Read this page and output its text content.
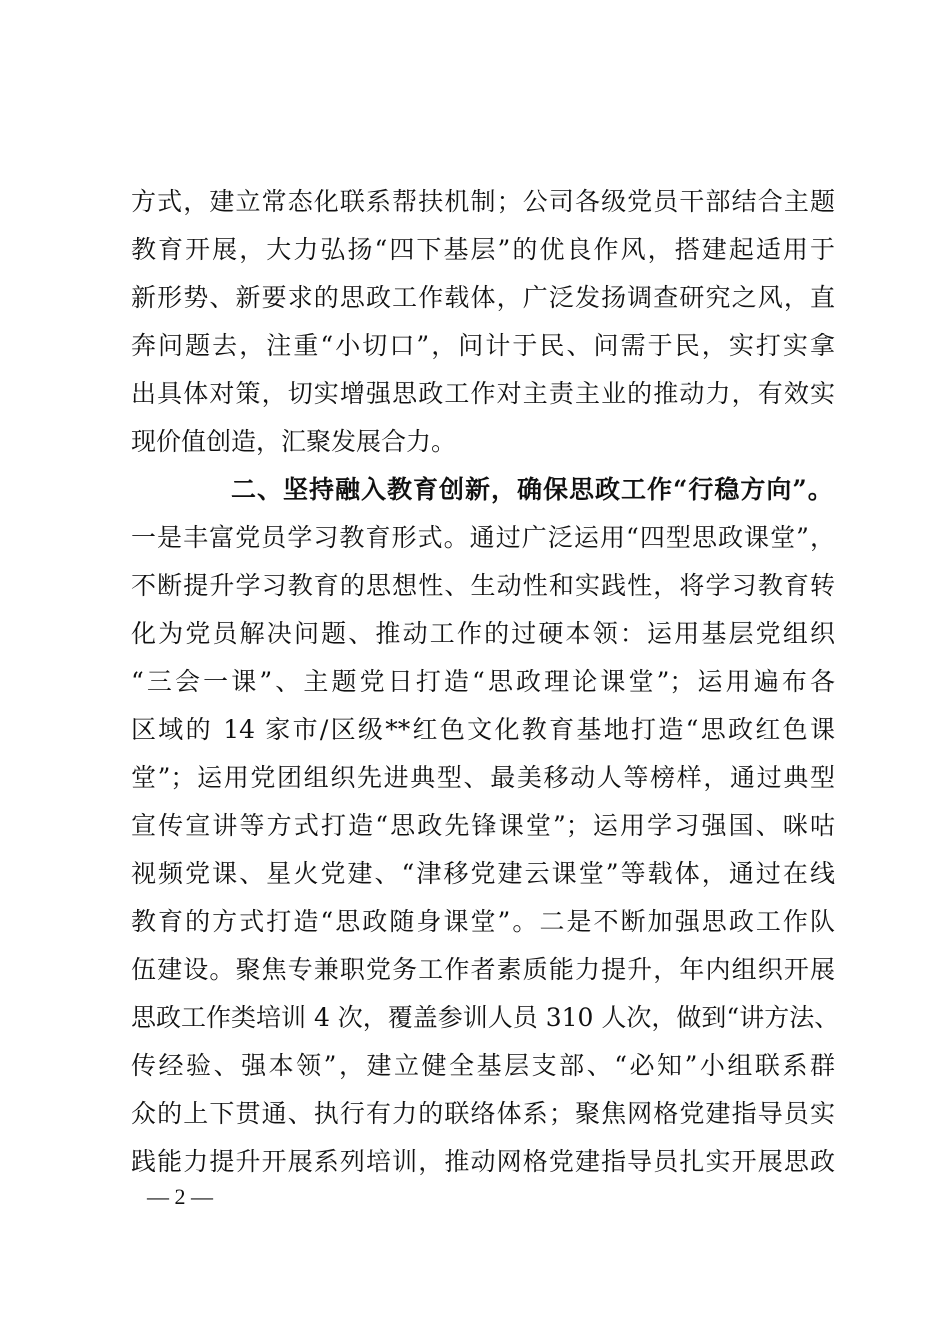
方式，建立常态化联系帮扶机制；公司各级党员干部结合主题
教育开展，大力弘扬“四下基层”的优良作风，搭建起适用于
新形势、新要求的思政工作载体，广泛发扬调查研究之风，直
奔问题去，注重“小切口”，问计于民、问需于民，实打实拿
出具体对策，切实增强思政工作对主责主业的推动力，有效实
现价值创造，汇聚发展合力。
二、坚持融入教育创新，确保思政工作“行稳方向”。
一是丰富党员学习教育形式。通过广泛运用“四型思政课堂”，
不断提升学习教育的思想性、生动性和实践性，将学习教育转
化为党员解决问题、推动工作的过硬本领：运用基层党组织
“三会一课”、主题党日打造“思政理论课堂”；运用遍布各
区域的 14 家市/区级**红色文化教育基地打造“思政红色课
堂”；运用党团组织先进典型、最美移动人等榜样，通过典型
宣传宣讲等方式打造“思政先锋课堂”；运用学习强国、咪咕
视频党课、星火党建、“津移党建云课堂”等载体，通过在线
教育的方式打造“思政随身课堂”。二是不断加强思政工作队
伍建设。聚焦专兼职党务工作者素质能力提升，年内组织开展
思政工作类培训 4 次，覆盖参训人员 310 人次，做到“讲方法、
传经验、强本领”，建立健全基层支部、“必知”小组联系群
众的上下贯通、执行有力的联络体系；聚焦网格党建指导员实
践能力提升开展系列培训，推动网格党建指导员扎实开展思政
— 2 —
